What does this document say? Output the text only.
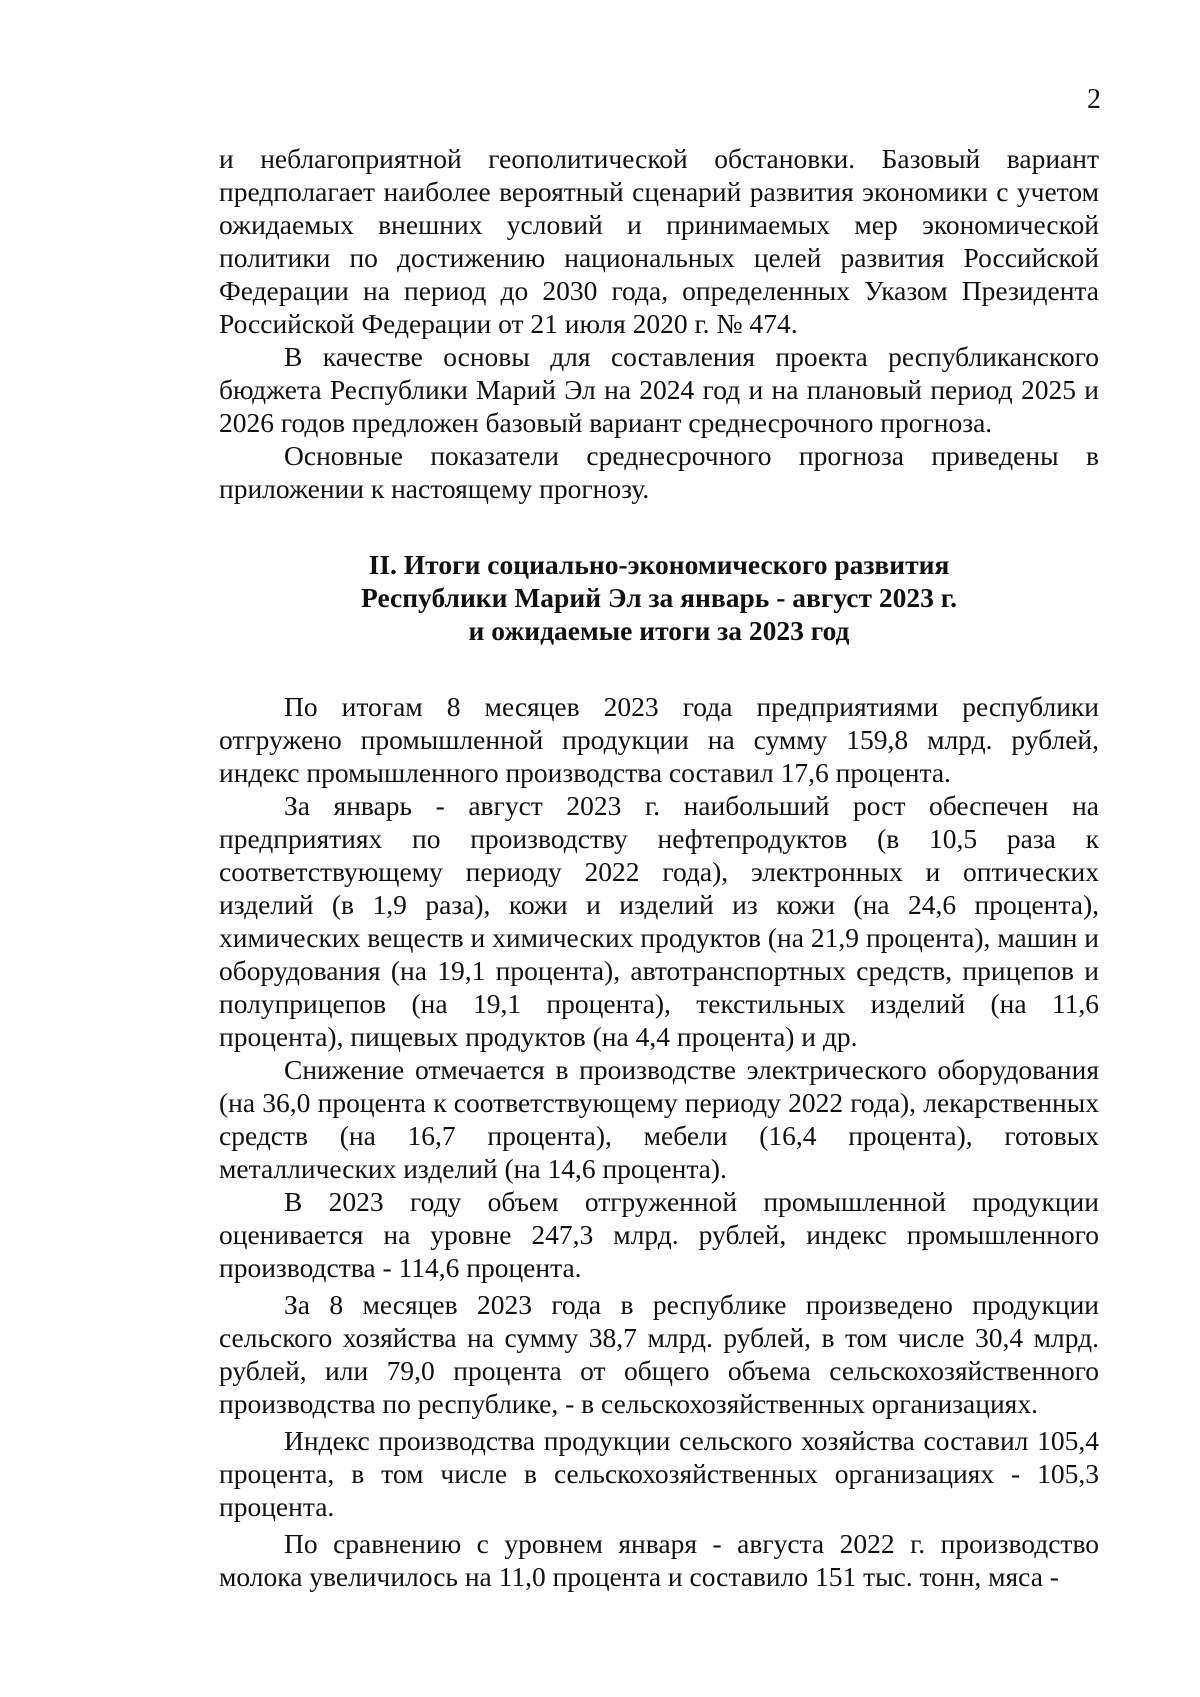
2

и неблагоприятной геополитической обстановки. Базовый вариант предполагает наиболее вероятный сценарий развития экономики с учетом ожидаемых внешних условий и принимаемых мер экономической политики по достижению национальных целей развития Российской Федерации на период до 2030 года, определенных Указом Президента Российской Федерации от 21 июля 2020 г. № 474.

В качестве основы для составления проекта республиканского бюджета Республики Марий Эл на 2024 год и на плановый период 2025 и 2026 годов предложен базовый вариант среднесрочного прогноза.

Основные показатели среднесрочного прогноза приведены в приложении к настоящему прогнозу.

II. Итоги социально-экономического развития
Республики Марий Эл за январь - август 2023 г.
и ожидаемые итоги за 2023 год

По итогам 8 месяцев 2023 года предприятиями республики отгружено промышленной продукции на сумму 159,8 млрд. рублей, индекс промышленного производства составил 17,6 процента.

За январь - август 2023 г. наибольший рост обеспечен на предприятиях по производству нефтепродуктов (в 10,5 раза к соответствующему периоду 2022 года), электронных и оптических изделий (в 1,9 раза), кожи и изделий из кожи (на 24,6 процента), химических веществ и химических продуктов (на 21,9 процента), машин и оборудования (на 19,1 процента), автотранспортных средств, прицепов и полуприцепов (на 19,1 процента), текстильных изделий (на 11,6 процента), пищевых продуктов (на 4,4 процента) и др.

Снижение отмечается в производстве электрического оборудования (на 36,0 процента к соответствующему периоду 2022 года), лекарственных средств (на 16,7 процента), мебели (16,4 процента), готовых металлических изделий (на 14,6 процента).

В 2023 году объем отгруженной промышленной продукции оценивается на уровне 247,3 млрд. рублей, индекс промышленного производства - 114,6 процента.

За 8 месяцев 2023 года в республике произведено продукции сельского хозяйства на сумму 38,7 млрд. рублей, в том числе 30,4 млрд. рублей, или 79,0 процента от общего объема сельскохозяйственного производства по республике, - в сельскохозяйственных организациях.

Индекс производства продукции сельского хозяйства составил 105,4 процента, в том числе в сельскохозяйственных организациях - 105,3 процента.

По сравнению с уровнем января - августа 2022 г. производство молока увеличилось на 11,0 процента и составило 151 тыс. тонн, мяса -
